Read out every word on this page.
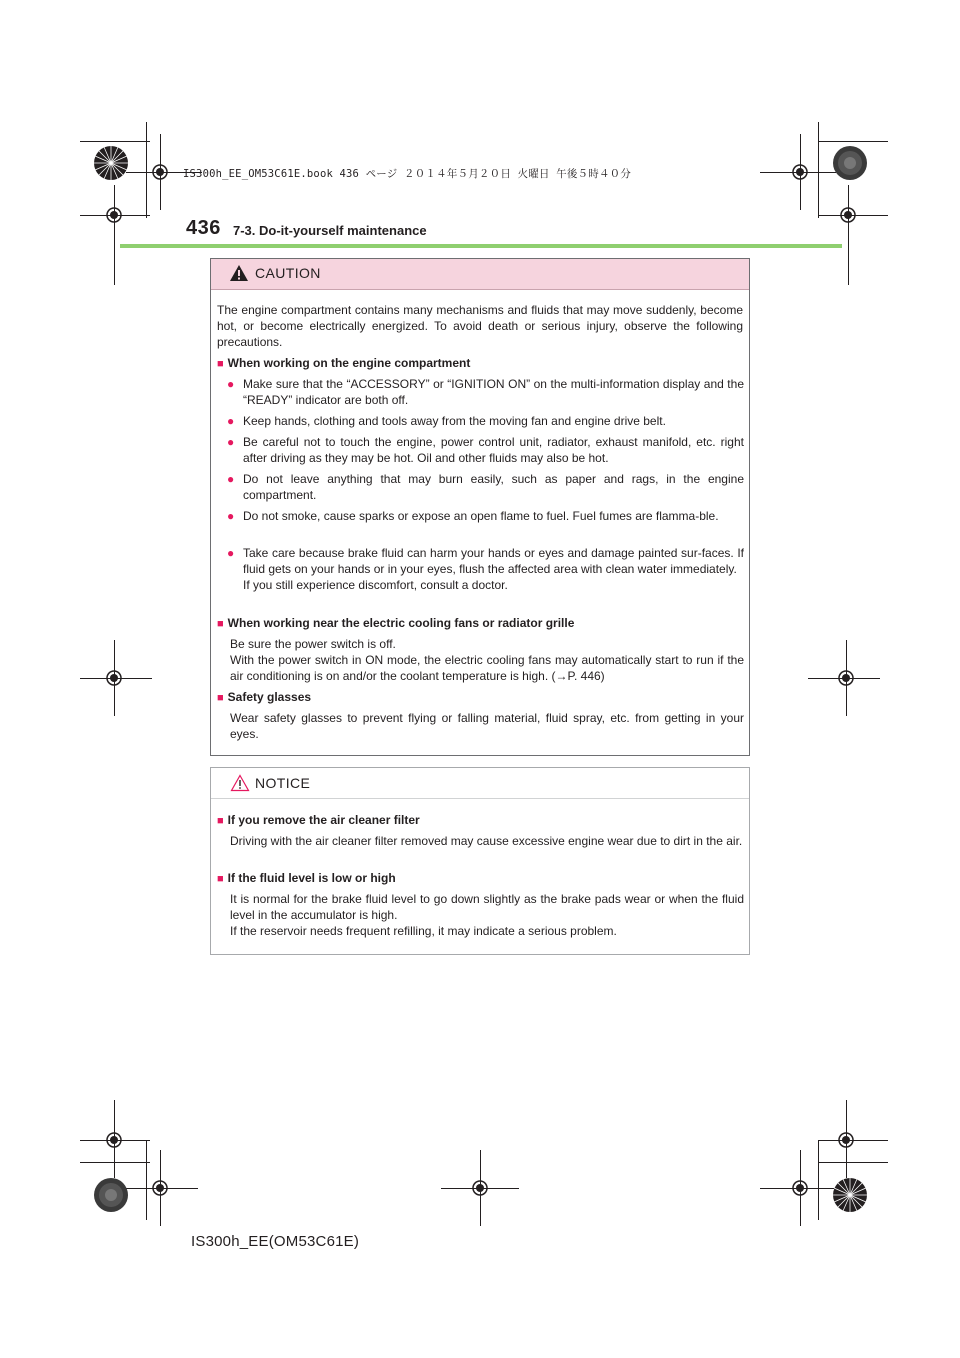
IS300h_EE_OM53C61E.book 436 ページ ２０１４年５月２０日 火曜日 午後５時４０分
436 7-3. Do-it-yourself maintenance
CAUTION
The engine compartment contains many mechanisms and fluids that may move suddenly, become hot, or become electrically energized. To avoid death or serious injury, observe the following precautions.
■ When working on the engine compartment
● Make sure that the “ACCESSORY” or “IGNITION ON” on the multi-information display and the “READY” indicator are both off.
● Keep hands, clothing and tools away from the moving fan and engine drive belt.
● Be careful not to touch the engine, power control unit, radiator, exhaust manifold, etc. right after driving as they may be hot. Oil and other fluids may also be hot.
● Do not leave anything that may burn easily, such as paper and rags, in the engine compartment.
● Do not smoke, cause sparks or expose an open flame to fuel. Fuel fumes are flamma-ble.
● Take care because brake fluid can harm your hands or eyes and damage painted sur-faces. If fluid gets on your hands or in your eyes, flush the affected area with clean water immediately.
If you still experience discomfort, consult a doctor.
■ When working near the electric cooling fans or radiator grille
Be sure the power switch is off.
With the power switch in ON mode, the electric cooling fans may automatically start to run if the air conditioning is on and/or the coolant temperature is high. (→P. 446)
■ Safety glasses
Wear safety glasses to prevent flying or falling material, fluid spray, etc. from getting in your eyes.
NOTICE
■ If you remove the air cleaner filter
Driving with the air cleaner filter removed may cause excessive engine wear due to dirt in the air.
■ If the fluid level is low or high
It is normal for the brake fluid level to go down slightly as the brake pads wear or when the fluid level in the accumulator is high.
If the reservoir needs frequent refilling, it may indicate a serious problem.
IS300h_EE(OM53C61E)
